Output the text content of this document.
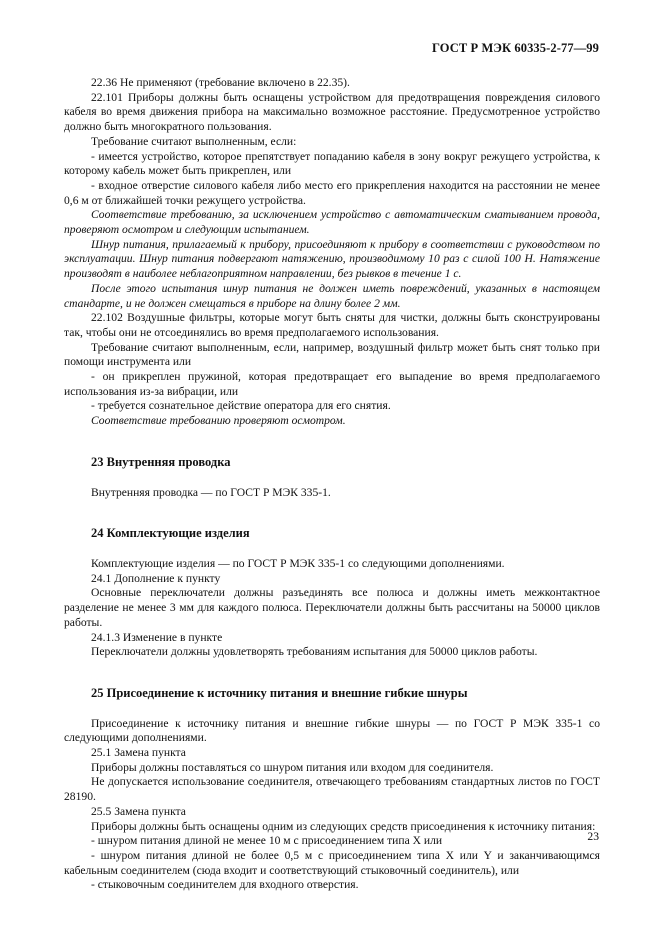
ГОСТ Р МЭК 60335-2-77—99

22.36 Не применяют (требование включено в 22.35).

22.101 Приборы должны быть оснащены устройством для предотвращения повреждения силового кабеля во время движения прибора на максимально возможное расстояние. Предусмотренное устройство должно быть многократного пользования.

Требование считают выполненным, если:

- имеется устройство, которое препятствует попаданию кабеля в зону вокруг режущего устройства, к которому кабель может быть прикреплен, или

- входное отверстие силового кабеля либо место его прикрепления находится на расстоянии не менее 0,6 м от ближайшей точки режущего устройства.

Соответствие требованию, за исключением устройство с автоматическим сматыванием провода, проверяют осмотром и следующим испытанием.

Шнур питания, прилагаемый к прибору, присоединяют к прибору в соответствии с руководством по эксплуатации. Шнур питания подвергают натяжению, производимому 10 раз с силой 100 Н. Натяжение производят в наиболее неблагоприятном направлении, без рывков в течение 1 с.

После этого испытания шнур питания не должен иметь повреждений, указанных в настоящем стандарте, и не должен смещаться в приборе на длину более 2 мм.

22.102 Воздушные фильтры, которые могут быть сняты для чистки, должны быть сконструированы так, чтобы они не отсоединялись во время предполагаемого использования.

Требование считают выполненным, если, например, воздушный фильтр может быть снят только при помощи инструмента или

- он прикреплен пружиной, которая предотвращает его выпадение во время предполагаемого использования из-за вибрации, или

- требуется сознательное действие оператора для его снятия.

Соответствие требованию проверяют осмотром.

23 Внутренняя проводка

Внутренняя проводка — по ГОСТ Р МЭК 335-1.

24 Комплектующие изделия

Комплектующие изделия — по ГОСТ Р МЭК 335-1 со следующими дополнениями.

24.1 Дополнение к пункту

Основные переключатели должны разъединять все полюса и должны иметь межконтактное разделение не менее 3 мм для каждого полюса. Переключатели должны быть рассчитаны на 50000 циклов работы.

24.1.3 Изменение в пункте

Переключатели должны удовлетворять требованиям испытания для 50000 циклов работы.

25 Присоединение к источнику питания и внешние гибкие шнуры

Присоединение к источнику питания и внешние гибкие шнуры — по ГОСТ Р МЭК 335-1 со следующими дополнениями.

25.1 Замена пункта

Приборы должны поставляться со шнуром питания или входом для соединителя.

Не допускается использование соединителя, отвечающего требованиям стандартных листов по ГОСТ 28190.

25.5 Замена пункта

Приборы должны быть оснащены одним из следующих средств присоединения к источнику питания:

- шнуром питания длиной не менее 10 м с присоединением типа X или

- шнуром питания длиной не более 0,5 м с присоединением типа X или Y и заканчивающимся кабельным соединителем (сюда входит и соответствующий стыковочный соединитель), или

- стыковочным соединителем для входного отверстия.

23
